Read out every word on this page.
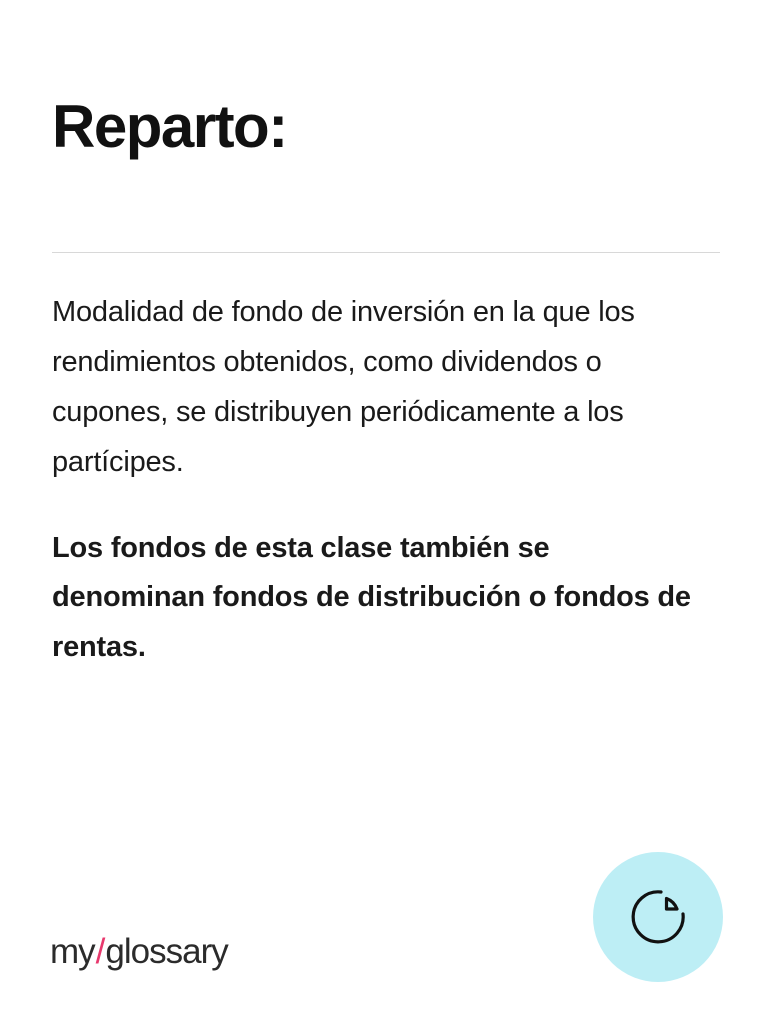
Reparto:

Modalidad de fondo de inversión en la que los rendimientos obtenidos, como dividendos o cupones, se distribuyen periódicamente a los partícipes.

Los fondos de esta clase también se denominan fondos de distribución o fondos de rentas.

my / glossary
